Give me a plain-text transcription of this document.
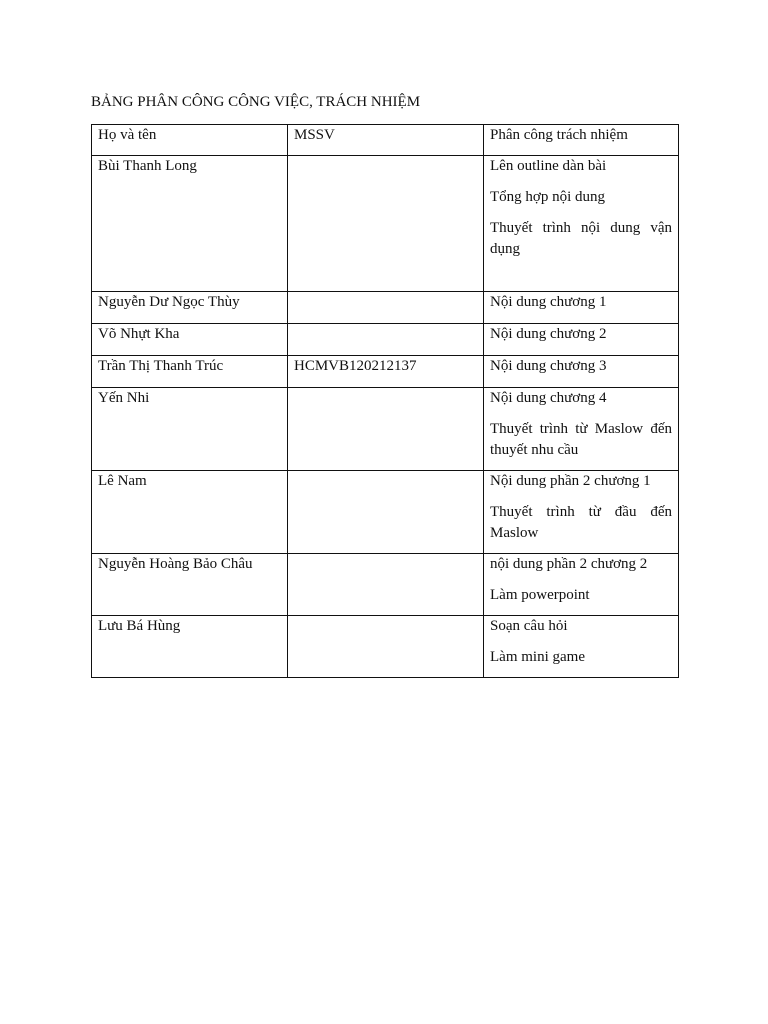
BẢNG PHÂN CÔNG CÔNG VIỆC, TRÁCH NHIỆM
Họ và tên	MSSV	Phân công trách nhiệm
Bùi Thanh Long		Lên outline dàn bài

Tổng hợp nội dung

Thuyết trình nội dung vận dụng

Nguyễn Dư Ngọc Thùy		Nội dung chương 1

Võ Nhựt Kha		Nội dung chương 2

Trần Thị Thanh Trúc	HCMVB120212137	Nội dung chương 3

Yến Nhi		Nội dung chương 4

Thuyết trình từ Maslow đến thuyết nhu cầu

Lê Nam		Nội dung phần 2 chương 1

Thuyết trình từ đầu đến Maslow

Nguyễn Hoàng Bảo Châu		nội dung phần 2 chương 2

Làm powerpoint

Lưu Bá Hùng		Soạn câu hỏi

Làm mini game
